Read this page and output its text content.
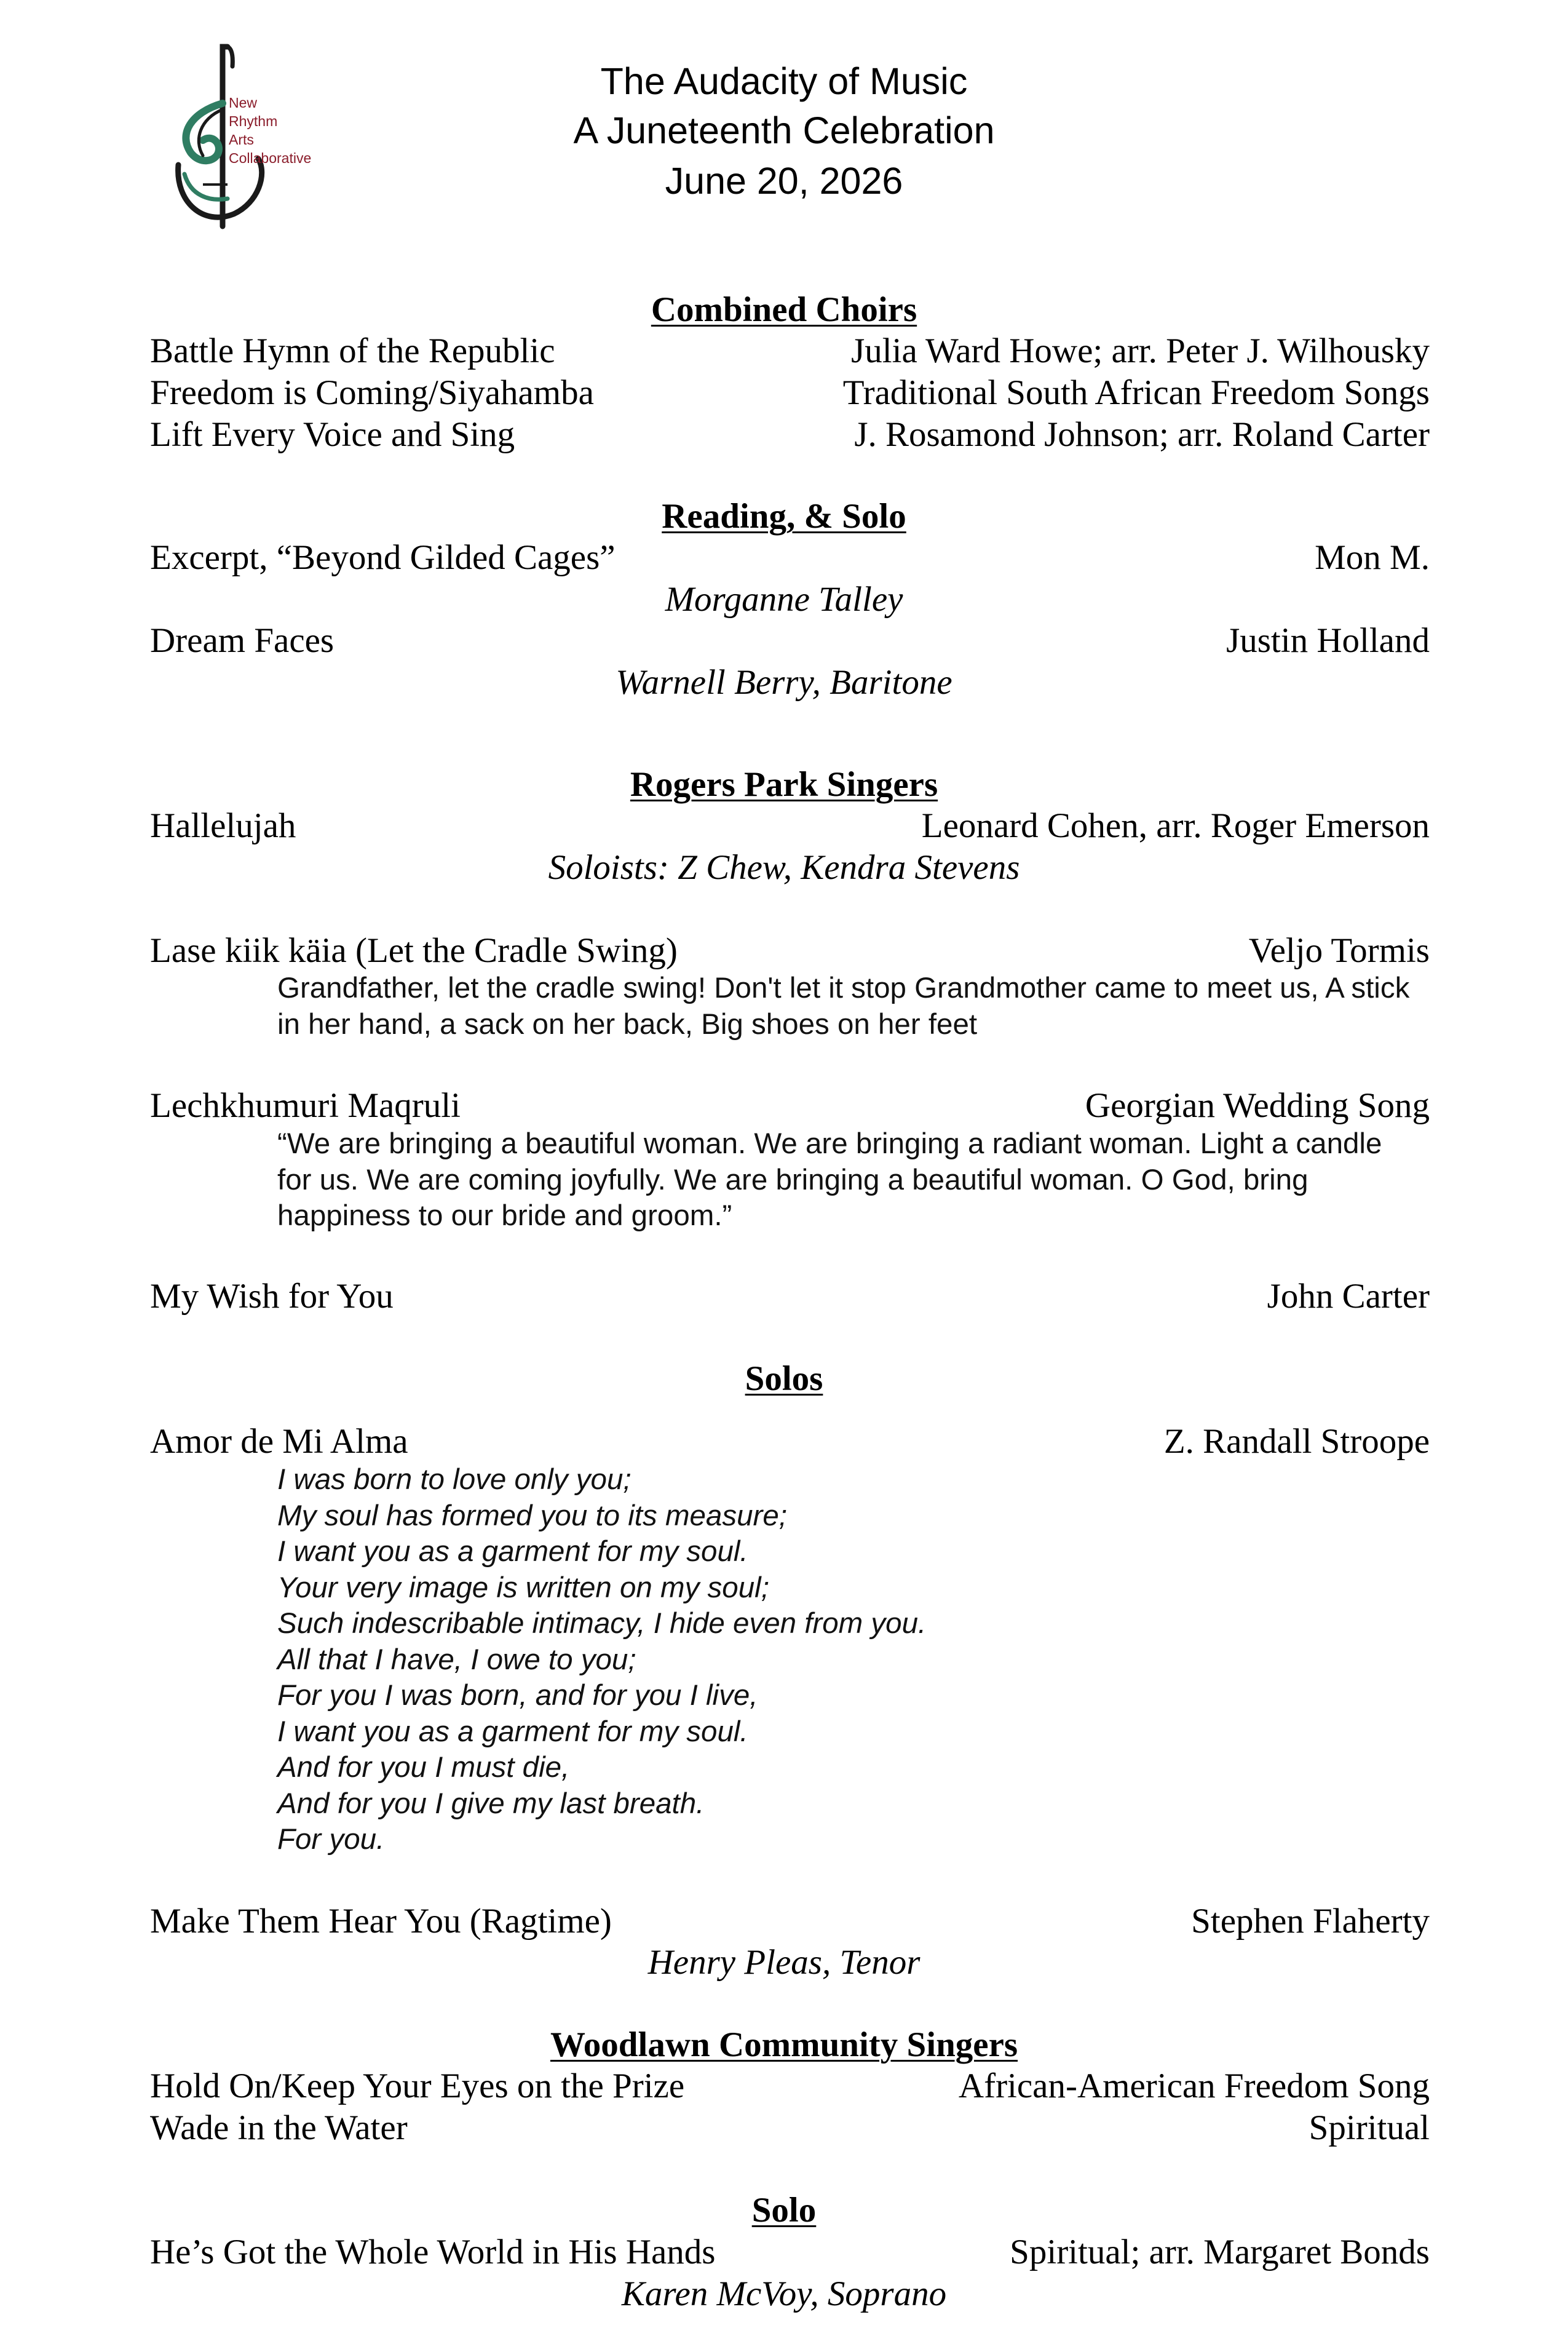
New
Rhythm
Arts
Collaborative
The Audacity of Music
A Juneteenth Celebration
June 20, 2026
Combined Choirs
Battle Hymn of the Republic	Julia Ward Howe; arr. Peter J. Wilhousky
Freedom is Coming/Siyahamba	Traditional South African Freedom Songs
Lift Every Voice and Sing	J. Rosamond Johnson; arr. Roland Carter
Reading, & Solo
Excerpt, “Beyond Gilded Cages”	Mon M.
Morganne Talley
Dream Faces	Justin Holland
Warnell Berry, Baritone
Rogers Park Singers
Hallelujah	Leonard Cohen, arr. Roger Emerson
Soloists: Z Chew, Kendra Stevens
Lase kiik käia (Let the Cradle Swing)	Veljo Tormis
Grandfather, let the cradle swing! Don't let it stop Grandmother came to meet us, A stick
in her hand, a sack on her back, Big shoes on her feet
Lechkhumuri Maqruli	Georgian Wedding Song
“We are bringing a beautiful woman. We are bringing a radiant woman. Light a candle
for us. We are coming joyfully. We are bringing a beautiful woman. O God, bring
happiness to our bride and groom.”
My Wish for You	John Carter
Solos
Amor de Mi Alma	Z. Randall Stroope
I was born to love only you;
My soul has formed you to its measure;
I want you as a garment for my soul.
Your very image is written on my soul;
Such indescribable intimacy, I hide even from you.
All that I have, I owe to you;
For you I was born, and for you I live,
I want you as a garment for my soul.
And for you I must die,
And for you I give my last breath.
For you.
Make Them Hear You (Ragtime)	Stephen Flaherty
Henry Pleas, Tenor
Woodlawn Community Singers
Hold On/Keep Your Eyes on the Prize	African-American Freedom Song
Wade in the Water	Spiritual
Solo
He’s Got the Whole World in His Hands	Spiritual; arr. Margaret Bonds
Karen McVoy, Soprano
